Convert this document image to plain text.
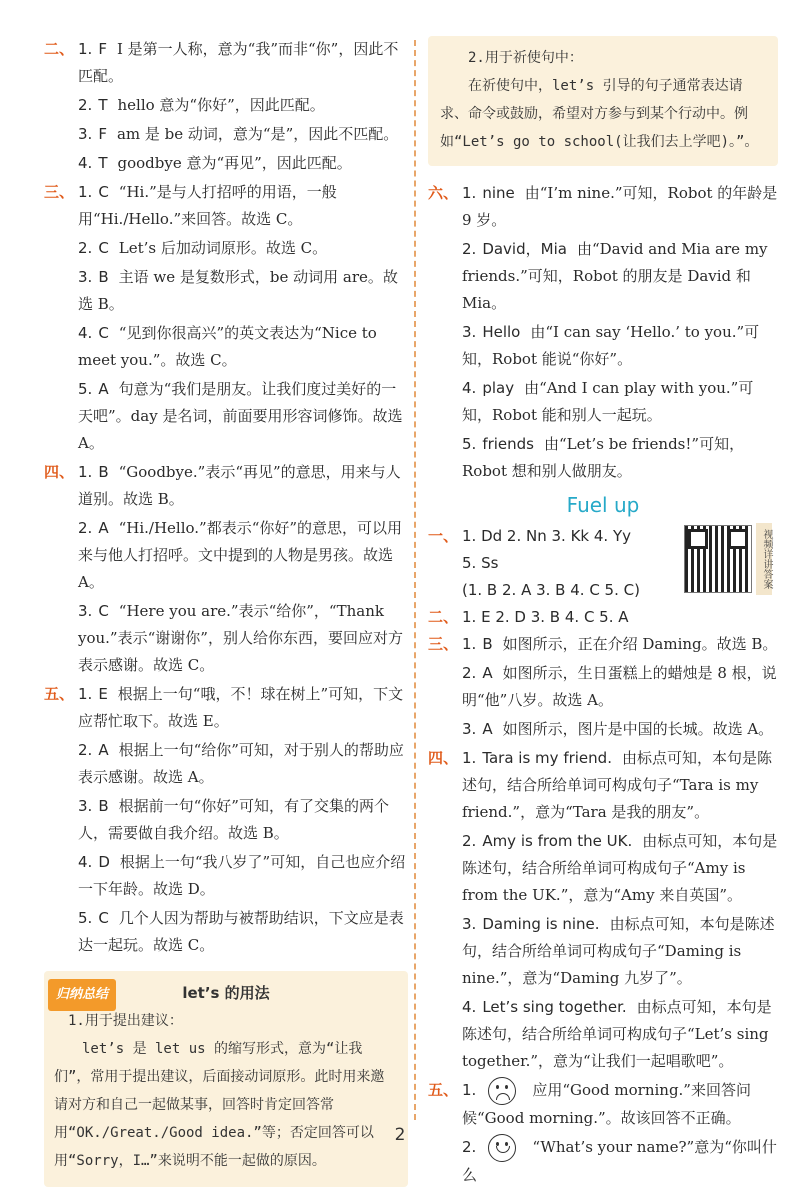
二、 1. F I 是第一人称，意为“我”而非“你”，因此不匹配。
2. T hello 意为“你好”，因此匹配。
3. F am 是 be 动词，意为“是”，因此不匹配。
4. T goodbye 意为“再见”，因此匹配。
三、 1. C “Hi.”是与人打招呼的用语，一般用“Hi./Hello.”来回答。故选 C。
2. C Let’s 后加动词原形。故选 C。
3. B 主语 we 是复数形式，be 动词用 are。故选 B。
4. C “见到你很高兴”的英文表达为“Nice to meet you.”。故选 C。
5. A 句意为“我们是朋友。让我们度过美好的一天吧”。day 是名词，前面要用形容词修饰。故选 A。
四、 1. B “Goodbye.”表示“再见”的意思，用来与人道别。故选 B。
2. A “Hi./Hello.”都表示“你好”的意思，可以用来与他人打招呼。文中提到的人物是男孩。故选 A。
3. C “Here you are.”表示“给你”，“Thank you.”表示“谢谢你”，别人给你东西，要回应对方表示感谢。故选 C。
五、 1. E 根据上一句“哦，不！球在树上”可知，下文应帮忙取下。故选 E。
2. A 根据上一句“给你”可知，对于别人的帮助应表示感谢。故选 A。
3. B 根据前一句“你好”可知，有了交集的两个人，需要做自我介绍。故选 B。
4. D 根据上一句“我八岁了”可知，自己也应介绍一下年龄。故选 D。
5. C 几个人因为帮助与被帮助结识，下文应是表达一起玩。故选 C。
归纳总结	let’s 的用法

1.用于提出建议：

let’s 是 let us 的缩写形式，意为“让我们”，常用于提出建议，后面接动词原形。此时用来邀请对方和自己一起做某事，回答时肯定回答常用“OK./Great./Good idea.”等；否定回答可以用“Sorry，I…”来说明不能一起做的原因。

2.用于祈使句中：

在祈使句中，let’s 引导的句子通常表达请求、命令或鼓励，希望对方参与到某个行动中。例如“Let’s go to school(让我们去上学吧)。”。

六、 1. nine 由“I’m nine.”可知，Robot 的年龄是 9 岁。
2. David，Mia 由“David and Mia are my friends.”可知，Robot 的朋友是 David 和 Mia。
3. Hello 由“I can say ‘Hello.’ to you.”可知，Robot 能说“你好”。
4. play 由“And I can play with you.”可知，Robot 能和别人一起玩。
5. friends 由“Let’s be friends!”可知，Robot 想和别人做朋友。
Fuel up
视频详讲答案
一、 1. Dd 2. Nn 3. Kk 4. Yy
5. Ss
(1. B 2. A 3. B 4. C 5. C)
二、 1. E 2. D 3. B 4. C 5. A
三、 1. B 如图所示，正在介绍 Daming。故选 B。
2. A 如图所示，生日蛋糕上的蜡烛是 8 根，说明“他”八岁。故选 A。
3. A 如图所示，图片是中国的长城。故选 A。
四、 1. Tara is my friend. 由标点可知，本句是陈述句，结合所给单词可构成句子“Tara is my friend.”，意为“Tara 是我的朋友”。
2. Amy is from the UK. 由标点可知，本句是陈述句，结合所给单词可构成句子“Amy is from the UK.”，意为“Amy 来自英国”。
3. Daming is nine. 由标点可知，本句是陈述句，结合所给单词可构成句子“Daming is nine.”，意为“Daming 九岁了”。
4. Let’s sing together. 由标点可知，本句是陈述句，结合所给单词可构成句子“Let’s sing together.”，意为“让我们一起唱歌吧”。
五、 1.	应用“Good morning.”来回答问候“Good morning.”。故该回答不正确。
2.	“What’s your name?”意为“你叫什么
2
